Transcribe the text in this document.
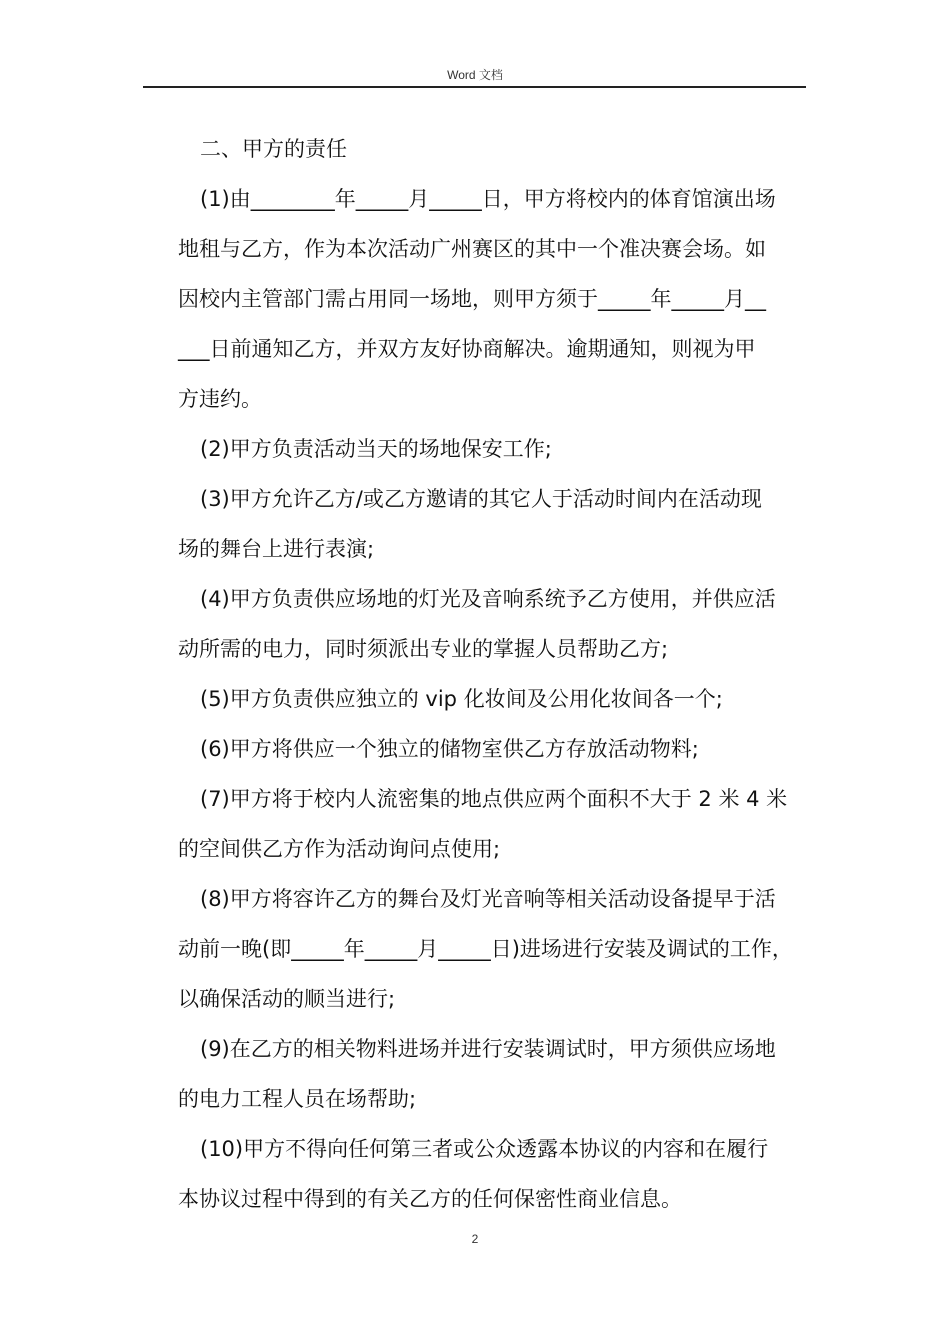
Word 文档
二、甲方的责任
(1)由________年_____月_____日，甲方将校内的体育馆演出场
地租与乙方，作为本次活动广州赛区的其中一个准决赛会场。如
因校内主管部门需占用同一场地，则甲方须于_____年_____月__
___日前通知乙方，并双方友好协商解决。逾期通知，则视为甲
方违约。
(2)甲方负责活动当天的场地保安工作;
(3)甲方允许乙方/或乙方邀请的其它人于活动时间内在活动现
场的舞台上进行表演;
(4)甲方负责供应场地的灯光及音响系统予乙方使用，并供应活
动所需的电力，同时须派出专业的掌握人员帮助乙方;
(5)甲方负责供应独立的 vip 化妆间及公用化妆间各一个;
(6)甲方将供应一个独立的储物室供乙方存放活动物料;
(7)甲方将于校内人流密集的地点供应两个面积不大于 2 米 4 米
的空间供乙方作为活动询问点使用;
(8)甲方将容许乙方的舞台及灯光音响等相关活动设备提早于活
动前一晚(即_____年_____月_____日)进场进行安装及调试的工作，
以确保活动的顺当进行;
(9)在乙方的相关物料进场并进行安装调试时，甲方须供应场地
的电力工程人员在场帮助;
(10)甲方不得向任何第三者或公众透露本协议的内容和在履行
本协议过程中得到的有关乙方的任何保密性商业信息。
2
